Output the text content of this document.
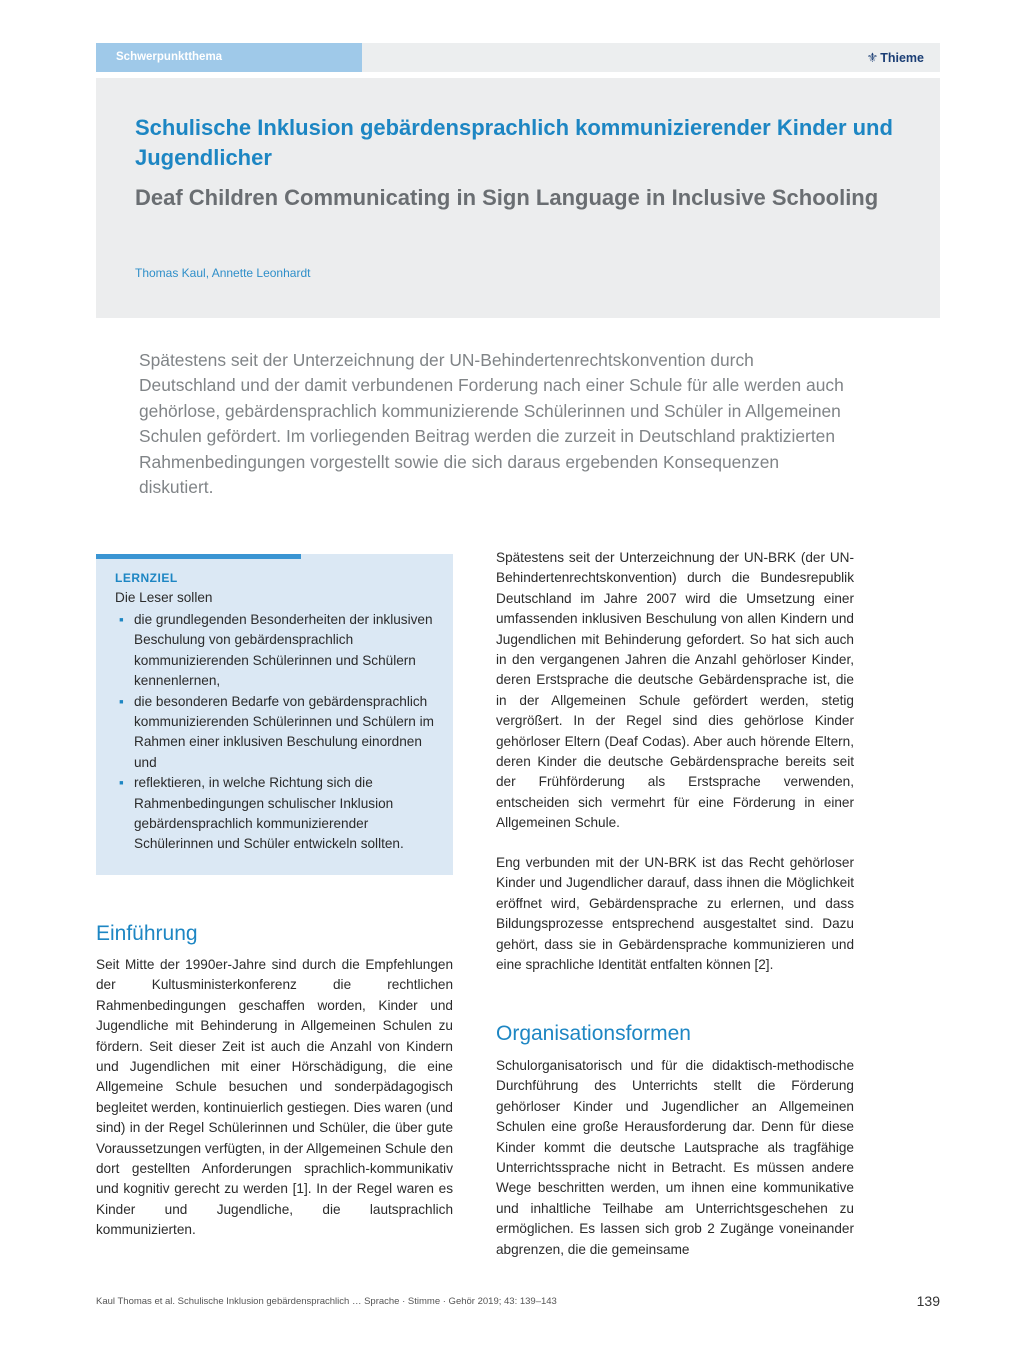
Schwerpunktthema	⚜ Thieme
Schulische Inklusion gebärdensprachlich kommunizierender Kinder und Jugendlicher
Deaf Children Communicating in Sign Language in Inclusive Schooling
Thomas Kaul, Annette Leonhardt

Spätestens seit der Unterzeichnung der UN-Behindertenrechtskonvention durch Deutschland und der damit verbundenen Forderung nach einer Schule für alle werden auch gehörlose, gebärdensprachlich kommunizierende Schülerinnen und Schüler in Allgemeinen Schulen gefördert. Im vorliegenden Beitrag werden die zurzeit in Deutschland praktizierten Rahmenbedingungen vorgestellt sowie die sich daraus ergebenden Konsequenzen diskutiert.

LERNZIEL
Die Leser sollen
▪ die grundlegenden Besonderheiten der inklusiven Beschulung von gebärdensprachlich kommunizierenden Schülerinnen und Schülern kennenlernen,
▪ die besonderen Bedarfe von gebärdensprachlich kommunizierenden Schülerinnen und Schülern im Rahmen einer inklusiven Beschulung einordnen und
▪ reflektieren, in welche Richtung sich die Rahmenbedingungen schulischer Inklusion gebärdensprachlich kommunizierender Schülerinnen und Schüler entwickeln sollten.
Einführung

Seit Mitte der 1990er-Jahre sind durch die Empfehlungen der Kultusministerkonferenz die rechtlichen Rahmenbedingungen geschaffen worden, Kinder und Jugendliche mit Behinderung in Allgemeinen Schulen zu fördern. Seit dieser Zeit ist auch die Anzahl von Kindern und Jugendlichen mit einer Hörschädigung, die eine Allgemeine Schule besuchen und sonderpädagogisch begleitet werden, kontinuierlich gestiegen. Dies waren (und sind) in der Regel Schülerinnen und Schüler, die über gute Voraussetzungen verfügten, in der Allgemeinen Schule den dort gestellten Anforderungen sprachlich-kommunikativ und kognitiv gerecht zu werden [1]. In der Regel waren es Kinder und Jugendliche, die lautsprachlich kommunizierten.

Spätestens seit der Unterzeichnung der UN-BRK (der UN-Behindertenrechtskonvention) durch die Bundesrepublik Deutschland im Jahre 2007 wird die Umsetzung einer umfassenden inklusiven Beschulung von allen Kindern und Jugendlichen mit Behinderung gefordert. So hat sich auch in den vergangenen Jahren die Anzahl gehörloser Kinder, deren Erstsprache die deutsche Gebärdensprache ist, die in der Allgemeinen Schule gefördert werden, stetig vergrößert. In der Regel sind dies gehörlose Kinder gehörloser Eltern (Deaf Codas). Aber auch hörende Eltern, deren Kinder die deutsche Gebärdensprache bereits seit der Frühförderung als Erstsprache verwenden, entscheiden sich vermehrt für eine Förderung in einer Allgemeinen Schule.

Eng verbunden mit der UN-BRK ist das Recht gehörloser Kinder und Jugendlicher darauf, dass ihnen die Möglichkeit eröffnet wird, Gebärdensprache zu erlernen, und dass Bildungsprozesse entsprechend ausgestaltet sind. Dazu gehört, dass sie in Gebärdensprache kommunizieren und eine sprachliche Identität entfalten können [2].

Organisationsformen

Schulorganisatorisch und für die didaktisch-methodische Durchführung des Unterrichts stellt die Förderung gehörloser Kinder und Jugendlicher an Allgemeinen Schulen eine große Herausforderung dar. Denn für diese Kinder kommt die deutsche Lautsprache als tragfähige Unterrichtssprache nicht in Betracht. Es müssen andere Wege beschritten werden, um ihnen eine kommunikative und inhaltliche Teilhabe am Unterrichtsgeschehen zu ermöglichen. Es lassen sich grob 2 Zugänge voneinander abgrenzen, die die gemeinsame

Kaul Thomas et al. Schulische Inklusion gebärdensprachlich … Sprache · Stimme · Gehör 2019; 43: 139–143	139
